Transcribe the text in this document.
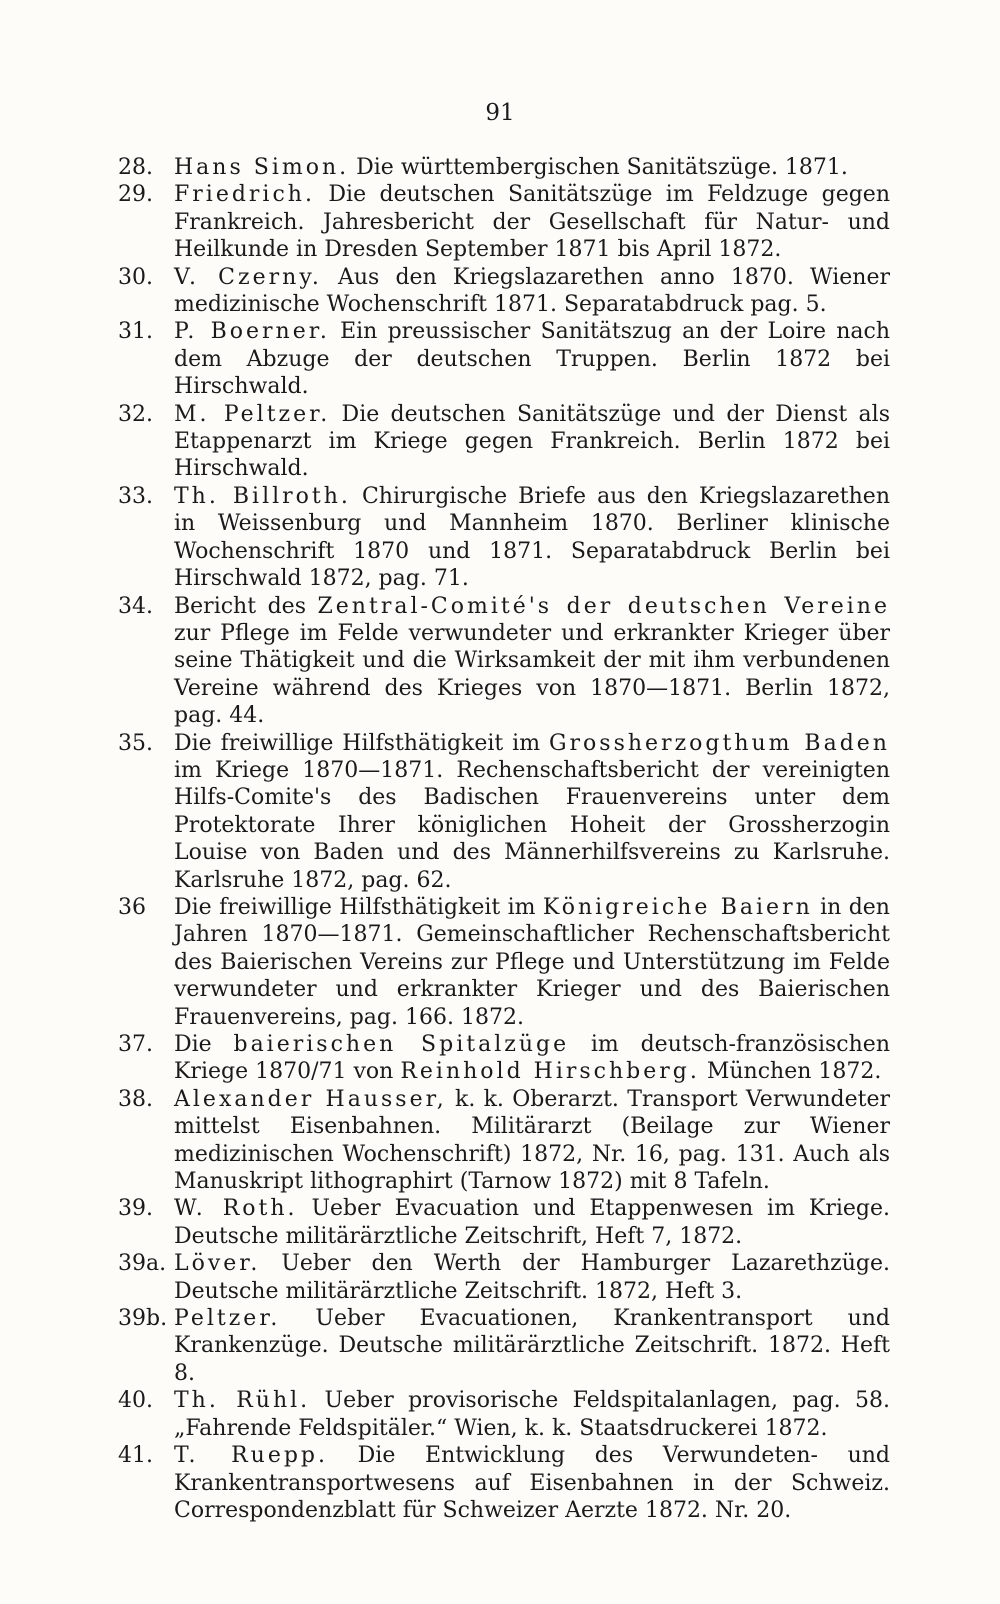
91
28. Hans Simon. Die württembergischen Sanitätszüge. 1871.
29. Friedrich. Die deutschen Sanitätszüge im Feldzuge gegen Frankreich. Jahresbericht der Gesellschaft für Natur- und Heilkunde in Dresden September 1871 bis April 1872.
30. V. Czerny. Aus den Kriegslazarethen anno 1870. Wiener medizinische Wochenschrift 1871. Separatabdruck pag. 5.
31. P. Boerner. Ein preussischer Sanitätszug an der Loire nach dem Abzuge der deutschen Truppen. Berlin 1872 bei Hirschwald.
32. M. Peltzer. Die deutschen Sanitätszüge und der Dienst als Etappenarzt im Kriege gegen Frankreich. Berlin 1872 bei Hirschwald.
33. Th. Billroth. Chirurgische Briefe aus den Kriegslazarethen in Weissenburg und Mannheim 1870. Berliner klinische Wochenschrift 1870 und 1871. Separatabdruck Berlin bei Hirschwald 1872, pag. 71.
34. Bericht des Zentral-Comité's der deutschen Vereine zur Pflege im Felde verwundeter und erkrankter Krieger über seine Thätigkeit und die Wirksamkeit der mit ihm verbundenen Vereine während des Krieges von 1870—1871. Berlin 1872, pag. 44.
35. Die freiwillige Hilfsthätigkeit im Grossherzogthum Baden im Kriege 1870—1871. Rechenschaftsbericht der vereinigten Hilfs-Comite's des Badischen Frauenvereins unter dem Protektorate Ihrer königlichen Hoheit der Grossherzogin Louise von Baden und des Männerhilfsvereins zu Karlsruhe. Karlsruhe 1872, pag. 62.
36	Die freiwillige Hilfsthätigkeit im Königreiche Baiern in den Jahren 1870—1871. Gemeinschaftlicher Rechenschaftsbericht des Baierischen Vereins zur Pflege und Unterstützung im Felde verwundeter und erkrankter Krieger und des Baierischen Frauenvereins, pag. 166. 1872.
37. Die baierischen Spitalzüge im deutsch-französischen Kriege 1870/71 von Reinhold Hirschberg. München 1872.
38. Alexander Hausser, k. k. Oberarzt. Transport Verwundeter mittelst Eisenbahnen. Militärarzt (Beilage zur Wiener medizinischen Wochenschrift) 1872, Nr. 16, pag. 131. Auch als Manuskript lithographirt (Tarnow 1872) mit 8 Tafeln.
39. W. Roth. Ueber Evacuation und Etappenwesen im Kriege. Deutsche militärärztliche Zeitschrift, Heft 7, 1872.
39a. Löver. Ueber den Werth der Hamburger Lazarethzüge. Deutsche militärärztliche Zeitschrift. 1872, Heft 3.
39b. Peltzer. Ueber Evacuationen, Krankentransport und Krankenzüge. Deutsche militärärztliche Zeitschrift. 1872. Heft 8.
40. Th. Rühl. Ueber provisorische Feldspitalanlagen, pag. 58. „Fahrende Feldspitäler.“ Wien, k. k. Staatsdruckerei 1872.
41. T. Ruepp. Die Entwicklung des Verwundeten- und Krankentransportwesens auf Eisenbahnen in der Schweiz. Correspondenzblatt für Schweizer Aerzte 1872. Nr. 20.
